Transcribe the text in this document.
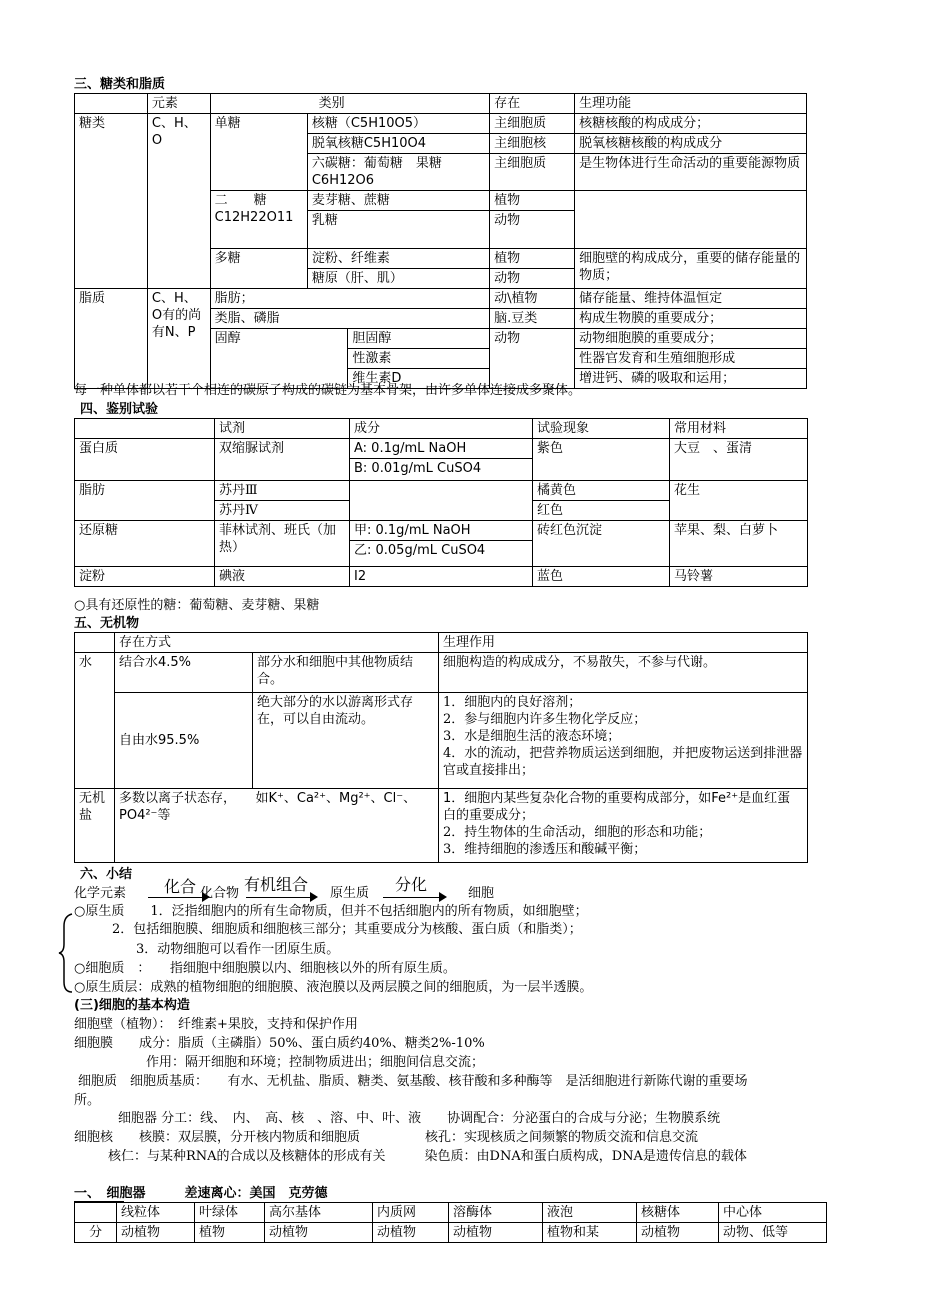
三、糖类和脂质
	元素	类别			存在	生理功能
糖类	C、H、O	单糖	核糖（C5H10O5）		主细胞质	核糖核酸的构成成分；
			脱氧核糖C5H10O4		主细胞核	脱氧核糖核酸的构成成分
			六碳糖：葡萄糖　果糖C6H12O6		主细胞质	是生物体进行生命活动的重要能源物质
		二　　糖C12H22O11	麦芽糖、蔗糖		植物	
			乳糖		动物	
		多糖	淀粉、纤维素		植物	细胞壁的构成成分，重要的储存能量的物质；
			糖原（肝、肌）		动物	
脂质	C、H、O有的尚有N、P	脂肪；			动\植物	储存能量、维持体温恒定
		类脂、磷脂			脑.豆类	构成生物膜的重要成分；
		固醇		胆固醇	动物	动物细胞膜的重要成分；
				性激素		性器官发育和生殖细胞形成
				维生素D		增进钙、磷的吸取和运用；
每一种单体都以若干个相连的碳原子构成的碳链为基本骨架，由许多单体连接成多聚体。
四、鉴别试验
	试剂	成分	试验现象	常用材料
蛋白质	双缩脲试剂	A: 0.1g/mL NaOH	紫色	大豆　、蛋清
		B: 0.01g/mL CuSO4		
脂肪	苏丹Ⅲ		橘黄色	花生
	苏丹Ⅳ		红色	
还原糖	菲林试剂、班氏（加热）	甲: 0.1g/mL NaOH	砖红色沉淀	苹果、梨、白萝卜
		乙: 0.05g/mL CuSO4		
淀粉	碘液	I2	蓝色	马铃薯
○具有还原性的糖：葡萄糖、麦芽糖、果糖
五、无机物
	存在方式		生理作用
水	结合水4.5%	部分水和细胞中其他物质结合。	细胞构造的构成成分，不易散失，不参与代谢。
	自由水95.5%	绝大部分的水以游离形式存在，可以自由流动。	1．细胞内的良好溶剂；
2．参与细胞内许多生物化学反应；
3．水是细胞生活的液态环境；
4．水的流动，把营养物质运送到细胞，并把废物运送到排泄器官或直接排出；

无机盐	多数以离子状态存，　　如K⁺、Ca²⁺、Mg²⁺、Cl⁻、PO4²⁻等		1．细胞内某些复杂化合物的重要构成部分，如Fe²⁺是血红蛋白的重要成分；
2．持生物体的生命活动，细胞的形态和功能；
3．维持细胞的渗透压和酸碱平衡；
六、小结
化学元素 化合 化合物 有机组合 原生质 分化	细胞
○原生质　　1．泛指细胞内的所有生命物质，但并不包括细胞内的所有物质，如细胞壁；
2．包括细胞膜、细胞质和细胞核三部分；其重要成分为核酸、蛋白质（和脂类）；
3．动物细胞可以看作一团原生质。
○细胞质　：　　指细胞中细胞膜以内、细胞核以外的所有原生质。
○原生质层：成熟的植物细胞的细胞膜、液泡膜以及两层膜之间的细胞质，为一层半透膜。
(三)细胞的基本构造
细胞壁（植物）：　纤维素+果胶，支持和保护作用
细胞膜　　成分：脂质（主磷脂）50%、蛋白质约40%、糖类2%-10%
作用：隔开细胞和环境；控制物质进出；细胞间信息交流；
细胞质　细胞质基质：　　有水、无机盐、脂质、糖类、氨基酸、核苷酸和多种酶等　是活细胞进行新陈代谢的重要场
所。
细胞器 分工：线、　内、　高、核　、溶、中、叶、液　　协调配合：分泌蛋白的合成与分泌；生物膜系统
细胞核　　核膜：双层膜，分开核内物质和细胞质　　　　　核孔：实现核质之间频繁的物质交流和信息交流
核仁：与某种RNA的合成以及核糖体的形成有关　　　染色质：由DNA和蛋白质构成，DNA是遗传信息的载体
一、　细胞器　　　差速离心：美国　克劳德
	线粒体	叶绿体	高尔基体	内质网	溶酶体	液泡	核糖体	中心体
分	动植物	植物	动植物	动植物	动植物	植物和某	动植物	动物、低等
